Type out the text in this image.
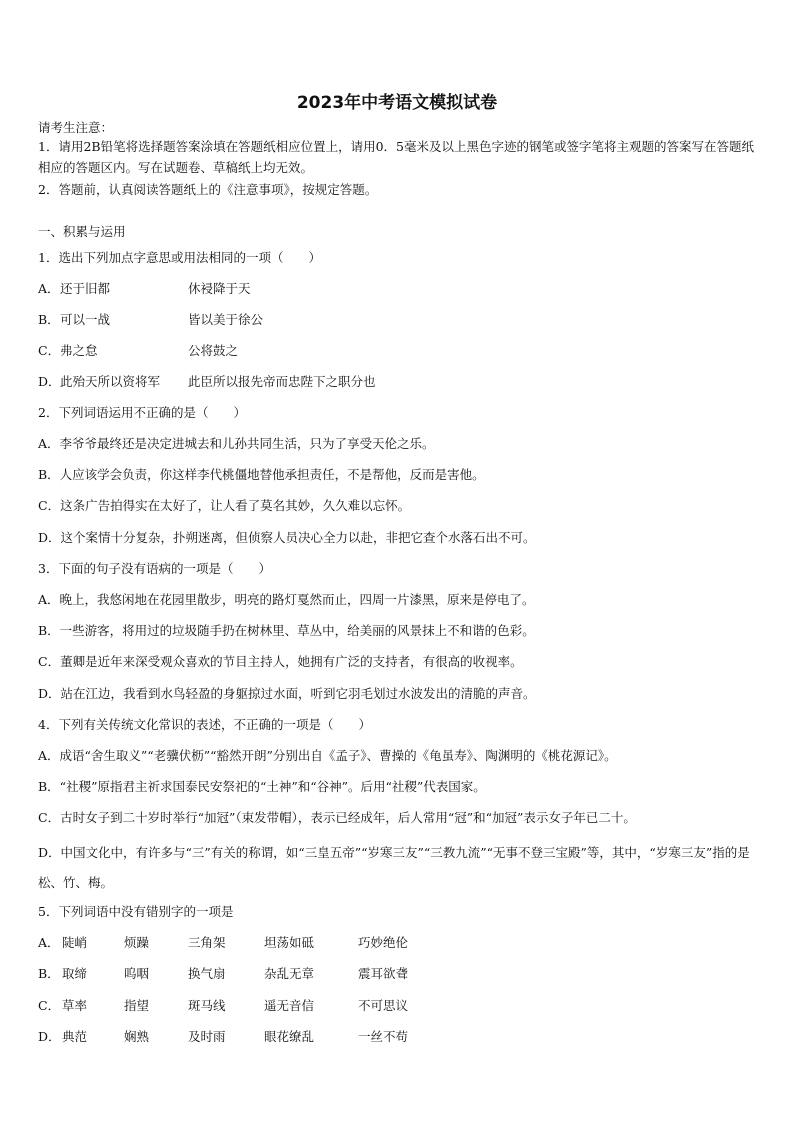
2023年中考语文模拟试卷
请考生注意：
1．请用2B铅笔将选择题答案涂填在答题纸相应位置上，请用0．5毫米及以上黑色字迹的钢笔或签字笔将主观题的答案写在答题纸相应的答题区内。写在试题卷、草稿纸上均无效。
2．答题前，认真阅读答题纸上的《注意事项》，按规定答题。
一、积累与运用
1．选出下列加点字意思或用法相同的一项（　　）
A．还于旧都	休祲降于天
B．可以一战	皆以美于徐公
C．弗之怠	公将鼓之
D．此殆天所以资将军 此臣所以报先帝而忠陛下之职分也
2．下列词语运用不正确的是（　　）
A．李爷爷最终还是决定进城去和儿孙共同生活，只为了享受天伦之乐。
B．人应该学会负责，你这样李代桃僵地替他承担责任，不是帮他，反而是害他。
C．这条广告拍得实在太好了，让人看了莫名其妙，久久难以忘怀。
D．这个案情十分复杂，扑朔迷离，但侦察人员决心全力以赴，非把它查个水落石出不可。
3．下面的句子没有语病的一项是（　　）
A．晚上，我悠闲地在花园里散步，明亮的路灯戛然而止，四周一片漆黑，原来是停电了。
B．一些游客，将用过的垃圾随手扔在树林里、草丛中，给美丽的风景抹上不和谐的色彩。
C．董卿是近年来深受观众喜欢的节目主持人，她拥有广泛的支持者，有很高的收视率。
D．站在江边，我看到水鸟轻盈的身躯掠过水面，听到它羽毛划过水波发出的清脆的声音。
4．下列有关传统文化常识的表述，不正确的一项是（　　）
A．成语“舍生取义”“老骥伏枥”“豁然开朗”分别出自《孟子》、曹操的《龟虽寿》、陶渊明的《桃花源记》。
B．“社稷”原指君主祈求国泰民安祭祀的“土神”和“谷神”。后用“社稷”代表国家。
C．古时女子到二十岁时举行“加冠”（束发带帽），表示已经成年，后人常用“冠”和“加冠”表示女子年已二十。
D．中国文化中，有许多与“三”有关的称谓，如“三皇五帝”“岁寒三友”“三教九流”“无事不登三宝殿”等，其中，“岁寒三友”指的是松、竹、梅。
5．下列词语中没有错别字的一项是
A． 陡峭	烦躁	三角架	坦荡如砥	巧妙绝伦
B． 取缔	呜咽	换气扇	杂乱无章	震耳欲聋
C． 草率	指望	斑马线	遥无音信	不可思议
D． 典范	娴熟	及时雨	眼花缭乱	一丝不苟
